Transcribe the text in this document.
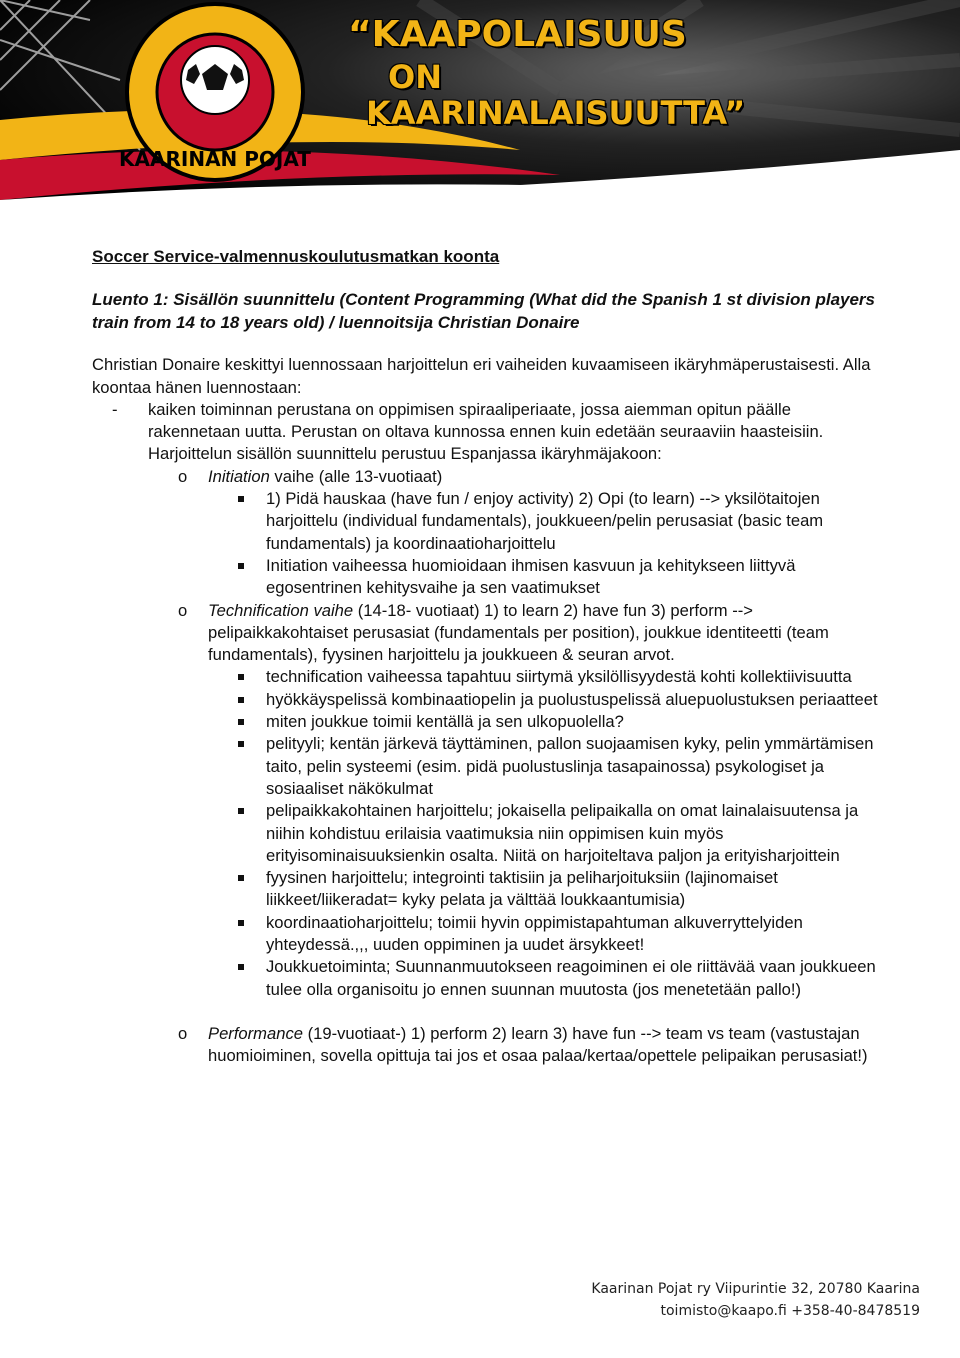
KAARINAN POJAT
“KAAPOLAISUUS
ON
KAARINALAISUUTTA”

Soccer Service-valmennuskoulutusmatkan koonta

Luento 1: Sisällön suunnittelu (Content Programming (What did the Spanish 1 st division players train from 14 to 18 years old) / luennoitsija Christian Donaire

Christian Donaire keskittyi luennossaan harjoittelun eri vaiheiden kuvaamiseen ikäryhmäperustaisesti. Alla koontaa hänen luennostaan:

- kaiken toiminnan perustana on oppimisen spiraaliperiaate, jossa aiemman opitun päälle rakennetaan uutta. Perustan on oltava kunnossa ennen kuin edetään seuraaviin haasteisiin. Harjoittelun sisällön suunnittelu perustuu Espanjassa ikäryhmäjakoon:

o Initiation vaihe (alle 13-vuotiaat)

1) Pidä hauskaa (have fun / enjoy activity) 2) Opi (to learn) --> yksilötaitojen harjoittelu (individual fundamentals), joukkueen/pelin perusasiat (basic team fundamentals) ja koordinaatioharjoittelu

Initiation vaiheessa huomioidaan ihmisen kasvuun ja kehitykseen liittyvä egosentrinen kehitysvaihe ja sen vaatimukset

o Technification vaihe (14-18- vuotiaat) 1) to learn 2) have fun 3) perform --> pelipaikkakohtaiset perusasiat (fundamentals per position), joukkue identiteetti (team fundamentals), fyysinen harjoittelu ja joukkueen & seuran arvot.

technification vaiheessa tapahtuu siirtymä yksilöllisyydestä kohti kollektiivisuutta

hyökkäyspelissä kombinaatiopelin ja puolustuspelissä aluepuolustuksen periaatteet

miten joukkue toimii kentällä ja sen ulkopuolella?

pelityyli; kentän järkevä täyttäminen, pallon suojaamisen kyky, pelin ymmärtämisen taito, pelin systeemi (esim. pidä puolustuslinja tasapainossa) psykologiset ja sosiaaliset näkökulmat

pelipaikkakohtainen harjoittelu; jokaisella pelipaikalla on omat lainalaisuutensa ja niihin kohdistuu erilaisia vaatimuksia niin oppimisen kuin myös erityisominaisuuksienkin osalta. Niitä on harjoiteltava paljon ja erityisharjoittein

fyysinen harjoittelu; integrointi taktisiin ja peliharjoituksiin (lajinomaiset liikkeet/liikeradat= kyky pelata ja välttää loukkaantumisia)

koordinaatioharjoittelu; toimii hyvin oppimistapahtuman alkuverryttelyiden yhteydessä.,,, uuden oppiminen ja uudet ärsykkeet!

Joukkuetoiminta; Suunnanmuutokseen reagoiminen ei ole riittävää vaan joukkueen tulee olla organisoitu jo ennen suunnan muutosta (jos menetetään pallo!)

o Performance (19-vuotiaat-) 1) perform 2) learn 3) have fun --> team vs team (vastustajan huomioiminen, sovella opittuja tai jos et osaa palaa/kertaa/opettele pelipaikan perusasiat!)

Kaarinan Pojat ry Viipurintie 32, 20780 Kaarina
toimisto@kaapo.fi +358-40-8478519
